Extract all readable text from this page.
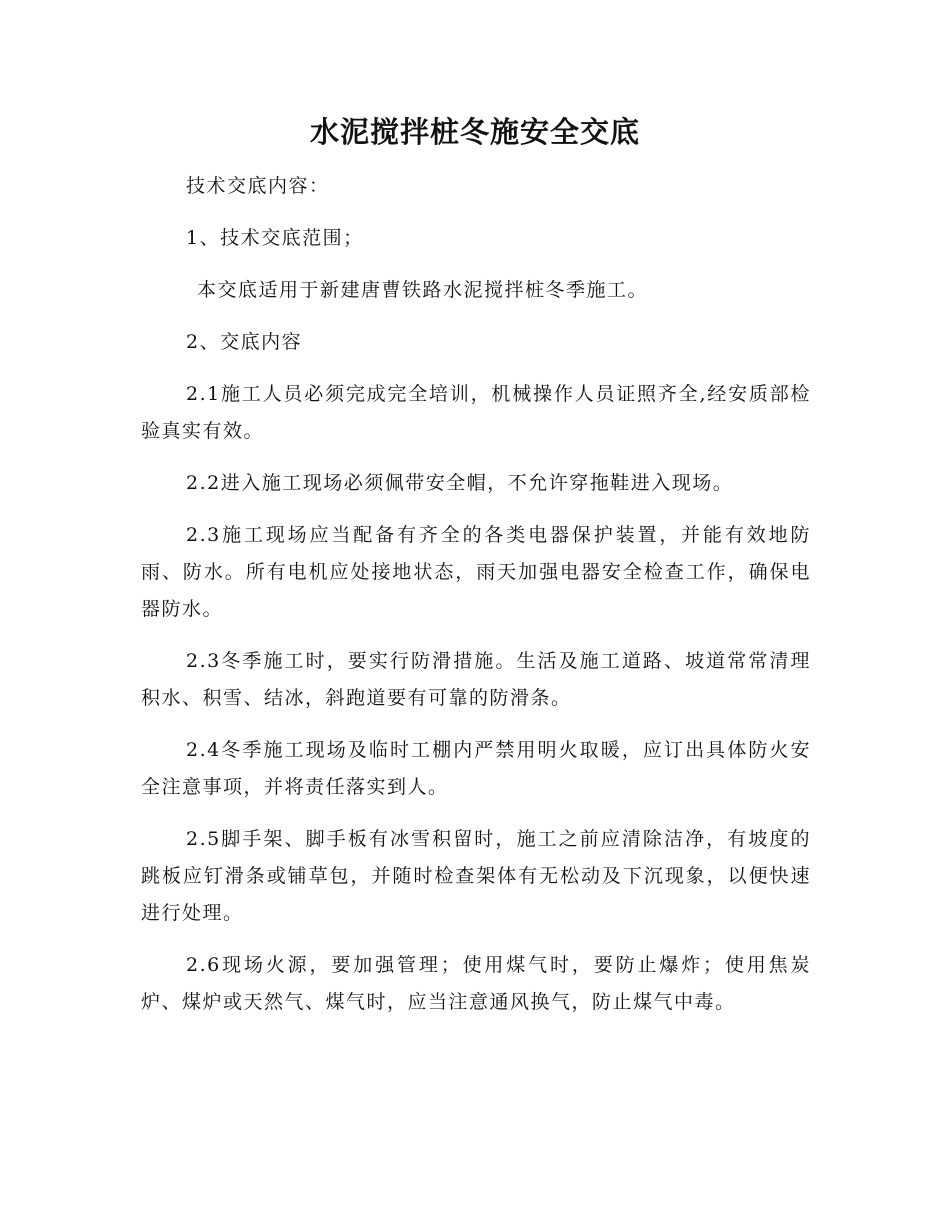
水泥搅拌桩冬施安全交底

技术交底内容：

1、技术交底范围；

本交底适用于新建唐曹铁路水泥搅拌桩冬季施工。

2、交底内容

2.1施工人员必须完成完全培训，机械操作人员证照齐全,经安质部检验真实有效。

2.2进入施工现场必须佩带安全帽，不允许穿拖鞋进入现场。

2.3施工现场应当配备有齐全的各类电器保护装置，并能有效地防雨、防水。所有电机应处接地状态，雨天加强电器安全检查工作，确保电器防水。

2.3冬季施工时，要实行防滑措施。生活及施工道路、坡道常常清理积水、积雪、结冰，斜跑道要有可靠的防滑条。

2.4冬季施工现场及临时工棚内严禁用明火取暖，应订出具体防火安全注意事项，并将责任落实到人。

2.5脚手架、脚手板有冰雪积留时，施工之前应清除洁净，有坡度的跳板应钉滑条或铺草包，并随时检查架体有无松动及下沉现象，以便快速进行处理。

2.6现场火源，要加强管理；使用煤气时，要防止爆炸；使用焦炭炉、煤炉或天然气、煤气时，应当注意通风换气，防止煤气中毒。
